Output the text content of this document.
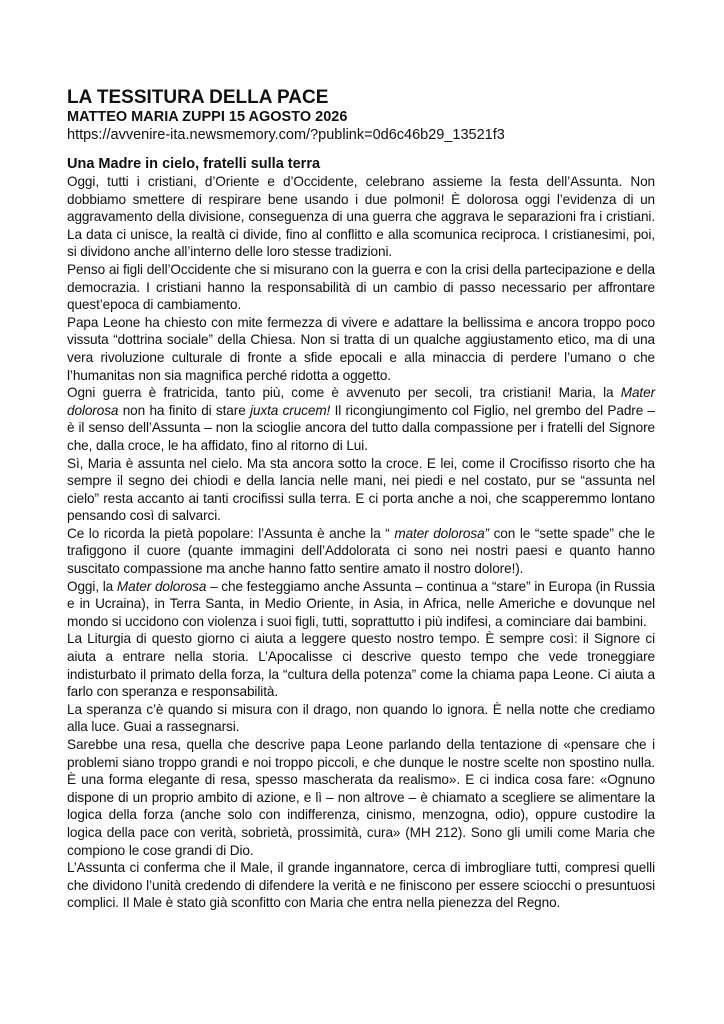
LA TESSITURA DELLA PACE
MATTEO MARIA ZUPPI 15 AGOSTO 2026
https://avvenire-ita.newsmemory.com/?publink=0d6c46b29_13521f3
Una Madre in cielo, fratelli sulla terra

Oggi, tutti i cristiani, d’Oriente e d’Occidente, celebrano assieme la festa dell’Assunta. Non dobbiamo smettere di respirare bene usando i due polmoni! È dolorosa oggi l’evidenza di un aggravamento della divisione, conseguenza di una guerra che aggrava le separazioni fra i cristiani. La data ci unisce, la realtà ci divide, fino al conflitto e alla scomunica reciproca. I cristianesimi, poi, si dividono anche all’interno delle loro stesse tradizioni.

Penso ai figli dell’Occidente che si misurano con la guerra e con la crisi della partecipazione e della democrazia. I cristiani hanno la responsabilità di un cambio di passo necessario per affrontare quest’epoca di cambiamento.

Papa Leone ha chiesto con mite fermezza di vivere e adattare la bellissima e ancora troppo poco vissuta “dottrina sociale” della Chiesa. Non si tratta di un qualche aggiustamento etico, ma di una vera rivoluzione culturale di fronte a sfide epocali e alla minaccia di perdere l’umano o che l’humanitas non sia magnifica perché ridotta a oggetto.

Ogni guerra è fratricida, tanto più, come è avvenuto per secoli, tra cristiani! Maria, la Mater dolorosa non ha finito di stare juxta crucem! Il ricongiungimento col Figlio, nel grembo del Padre – è il senso dell’Assunta – non la scioglie ancora del tutto dalla compassione per i fratelli del Signore che, dalla croce, le ha affidato, fino al ritorno di Lui.

Sì, Maria è assunta nel cielo. Ma sta ancora sotto la croce. E lei, come il Crocifisso risorto che ha sempre il segno dei chiodi e della lancia nelle mani, nei piedi e nel costato, pur se “assunta nel cielo” resta accanto ai tanti crocifissi sulla terra. E ci porta anche a noi, che scapperemmo lontano pensando così di salvarci.

Ce lo ricorda la pietà popolare: l’Assunta è anche la “ mater dolorosa” con le “sette spade” che le trafiggono il cuore (quante immagini dell’Addolorata ci sono nei nostri paesi e quanto hanno suscitato compassione ma anche hanno fatto sentire amato il nostro dolore!).

Oggi, la Mater dolorosa – che festeggiamo anche Assunta – continua a “stare” in Europa (in Russia e in Ucraina), in Terra Santa, in Medio Oriente, in Asia, in Africa, nelle Americhe e dovunque nel mondo si uccidono con violenza i suoi figli, tutti, soprattutto i più indifesi, a cominciare dai bambini.

La Liturgia di questo giorno ci aiuta a leggere questo nostro tempo. È sempre così: il Signore ci aiuta a entrare nella storia. L’Apocalisse ci descrive questo tempo che vede troneggiare indisturbato il primato della forza, la “cultura della potenza” come la chiama papa Leone. Ci aiuta a farlo con speranza e responsabilità.

La speranza c’è quando si misura con il drago, non quando lo ignora. È nella notte che crediamo alla luce. Guai a rassegnarsi.

Sarebbe una resa, quella che descrive papa Leone parlando della tentazione di «pensare che i problemi siano troppo grandi e noi troppo piccoli, e che dunque le nostre scelte non spostino nulla. È una forma elegante di resa, spesso mascherata da realismo». E ci indica cosa fare: «Ognuno dispone di un proprio ambito di azione, e lì – non altrove – è chiamato a scegliere se alimentare la logica della forza (anche solo con indifferenza, cinismo, menzogna, odio), oppure custodire la logica della pace con verità, sobrietà, prossimità, cura» (MH 212). Sono gli umili come Maria che compiono le cose grandi di Dio.

L’Assunta ci conferma che il Male, il grande ingannatore, cerca di imbrogliare tutti, compresi quelli che dividono l’unità credendo di difendere la verità e ne finiscono per essere sciocchi o presuntuosi complici. Il Male è stato già sconfitto con Maria che entra nella pienezza del Regno.
